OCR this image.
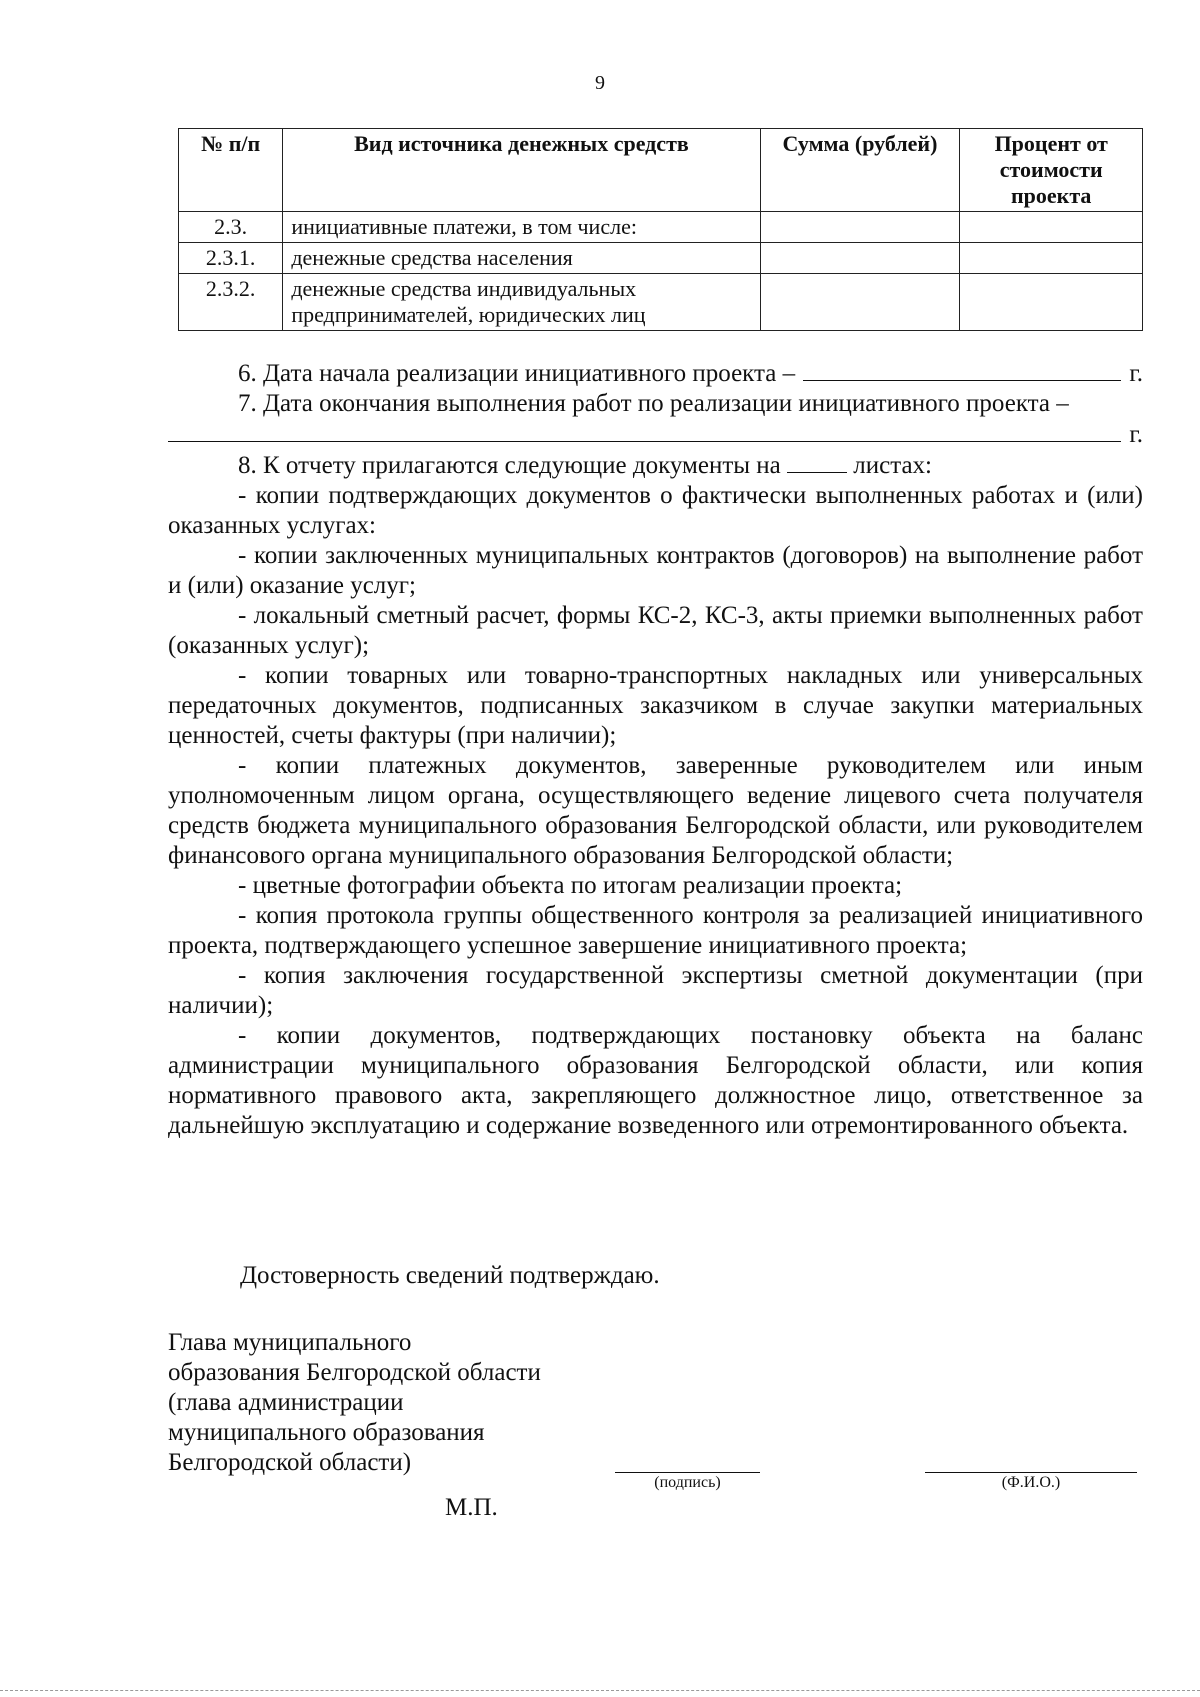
9
№ п/п	Вид источника денежных средств	Сумма (рублей)	Процент от стоимости проекта
2.3.	инициативные платежи, в том числе:		
2.3.1.	денежные средства населения		
2.3.2.	денежные средства индивидуальных предпринимателей, юридических лиц		
6. Дата начала реализации инициативного проекта –	г.
7. Дата окончания выполнения работ по реализации инициативного проекта –
г.
8. К отчету прилагаются следующие документы на	листах:

- копии подтверждающих документов о фактически выполненных работах и (или) оказанных услугах:

- копии заключенных муниципальных контрактов (договоров) на выполнение работ и (или) оказание услуг;

- локальный сметный расчет, формы КС-2, КС-3, акты приемки выполненных работ (оказанных услуг);

- копии товарных или товарно-транспортных накладных или универсальных передаточных документов, подписанных заказчиком в случае закупки материальных ценностей, счеты фактуры (при наличии);

- копии платежных документов, заверенные руководителем или иным уполномоченным лицом органа, осуществляющего ведение лицевого счета получателя средств бюджета муниципального образования Белгородской области, или руководителем финансового органа муниципального образования Белгородской области;

- цветные фотографии объекта по итогам реализации проекта;

- копия протокола группы общественного контроля за реализацией инициативного проекта, подтверждающего успешное завершение инициативного проекта;

- копия заключения государственной экспертизы сметной документации (при наличии);

- копии документов, подтверждающих постановку объекта на баланс администрации муниципального образования Белгородской области, или копия нормативного правового акта, закрепляющего должностное лицо, ответственное за дальнейшую эксплуатацию и содержание возведенного или отремонтированного объекта.

Достоверность сведений подтверждаю.
Глава муниципального
образования Белгородской области
(глава администрации
муниципального образования
Белгородской области)
(подпись)	(Ф.И.О.)
М.П.
